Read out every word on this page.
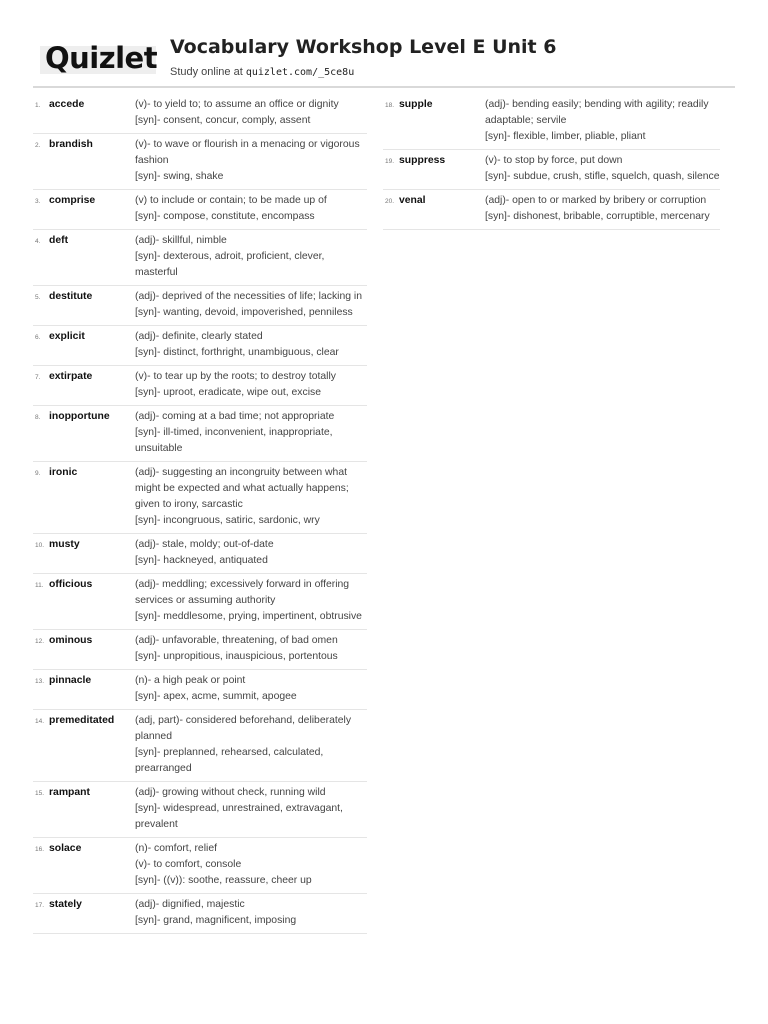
Quizlet Vocabulary Workshop Level E Unit 6
Study online at quizlet.com/_5ce8u
1. accede	(v)- to yield to; to assume an office or dignity
[syn]- consent, concur, comply, assent
2. brandish	(v)- to wave or flourish in a menacing or vigorous fashion
[syn]- swing, shake
3. comprise	(v) to include or contain; to be made up of
[syn]- compose, constitute, encompass
4. deft	(adj)- skillful, nimble
[syn]- dexterous, adroit, proficient, clever, masterful
5. destitute	(adj)- deprived of the necessities of life; lacking in
[syn]- wanting, devoid, impoverished, penniless
6. explicit	(adj)- definite, clearly stated
[syn]- distinct, forthright, unambiguous, clear
7. extirpate	(v)- to tear up by the roots; to destroy totally
[syn]- uproot, eradicate, wipe out, excise
8. inopportune	(adj)- coming at a bad time; not appropriate
[syn]- ill-timed, inconvenient, inappropriate, unsuitable
9. ironic	(adj)- suggesting an incongruity between what might be expected and what actually happens; given to irony, sarcastic
[syn]- incongruous, satiric, sardonic, wry
10. musty	(adj)- stale, moldy; out-of-date
[syn]- hackneyed, antiquated
11. officious	(adj)- meddling; excessively forward in offering services or assuming authority
[syn]- meddlesome, prying, impertinent, obtrusive
12. ominous	(adj)- unfavorable, threatening, of bad omen
[syn]- unpropitious, inauspicious, portentous
13. pinnacle	(n)- a high peak or point
[syn]- apex, acme, summit, apogee
14. premeditated	(adj, part)- considered beforehand, deliberately planned
[syn]- preplanned, rehearsed, calculated, prearranged
15. rampant	(adj)- growing without check, running wild
[syn]- widespread, unrestrained, extravagant, prevalent
16. solace	(n)- comfort, relief
(v)- to comfort, console
[syn]- ((v)): soothe, reassure, cheer up
17. stately	(adj)- dignified, majestic
[syn]- grand, magnificent, imposing
18. supple	(adj)- bending easily; bending with agility; readily adaptable; servile
[syn]- flexible, limber, pliable, pliant
19. suppress	(v)- to stop by force, put down
[syn]- subdue, crush, stifle, squelch, quash, silence
20. venal	(adj)- open to or marked by bribery or corruption
[syn]- dishonest, bribable, corruptible, mercenary
